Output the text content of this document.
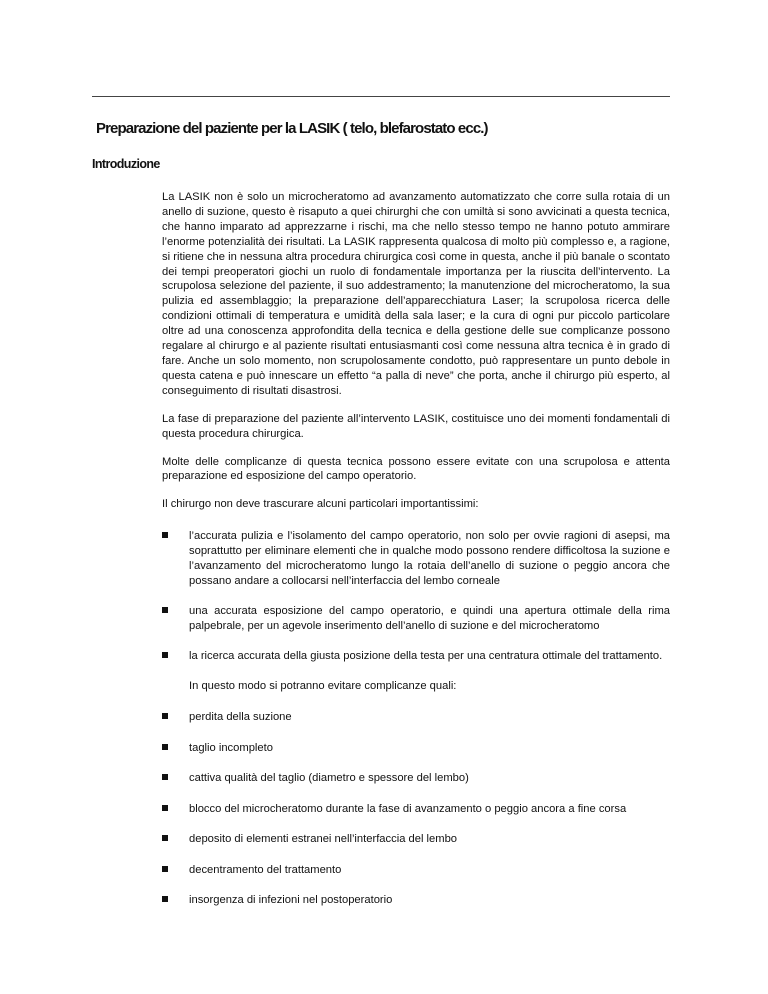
Preparazione del paziente per la LASIK ( telo, blefarostato ecc.)
Introduzione

La LASIK non è solo un microcheratomo ad avanzamento automatizzato che corre sulla rotaia di un anello di suzione, questo è risaputo a quei chirurghi che con umiltà si sono avvicinati a questa tecnica, che hanno imparato ad apprezzarne i rischi, ma che nello stesso tempo ne hanno potuto ammirare l’enorme potenzialità dei risultati. La LASIK rappresenta qualcosa di molto più complesso e, a ragione, si ritiene che in nessuna altra procedura chirurgica così come in questa, anche il più banale o scontato dei tempi preoperatori giochi un ruolo di fondamentale importanza per la riuscita dell’intervento. La scrupolosa selezione del paziente, il suo addestramento; la manutenzione del microcheratomo, la sua pulizia ed assemblaggio; la preparazione dell’apparecchiatura Laser; la scrupolosa ricerca delle condizioni ottimali di temperatura e umidità della sala laser; e la cura di ogni pur piccolo particolare oltre ad una conoscenza approfondita della tecnica e della gestione delle sue complicanze possono regalare al chirurgo e al paziente risultati entusiasmanti così come nessuna altra tecnica è in grado di fare. Anche un solo momento, non scrupolosamente condotto, può rappresentare un punto debole in questa catena e può innescare un effetto “a palla di neve” che porta, anche il chirurgo più esperto, al conseguimento di risultati disastrosi.

La fase di preparazione del paziente all’intervento LASIK, costituisce uno dei momenti fondamentali di questa procedura chirurgica.

Molte delle complicanze di questa tecnica possono essere evitate con una scrupolosa e attenta preparazione ed esposizione del campo operatorio.

Il chirurgo non deve trascurare alcuni particolari importantissimi:

l’accurata pulizia e l’isolamento del campo operatorio, non solo per ovvie ragioni di asepsi, ma soprattutto per eliminare elementi che in qualche modo possono rendere difficoltosa la suzione e l’avanzamento del microcheratomo lungo la rotaia dell’anello di suzione o peggio ancora che possano andare a collocarsi nell’interfaccia del lembo corneale
una accurata esposizione del campo operatorio, e quindi una apertura ottimale della rima palpebrale, per un agevole inserimento dell’anello di suzione e del microcheratomo
la ricerca accurata della giusta posizione della testa per una centratura ottimale del trattamento.

In questo modo si potranno evitare complicanze quali:

perdita della suzione
taglio incompleto
cattiva qualità del taglio (diametro e spessore del lembo)
blocco del microcheratomo durante la fase di avanzamento o peggio ancora a fine corsa
deposito di elementi estranei nell’interfaccia del lembo
decentramento del trattamento
insorgenza di infezioni nel postoperatorio
